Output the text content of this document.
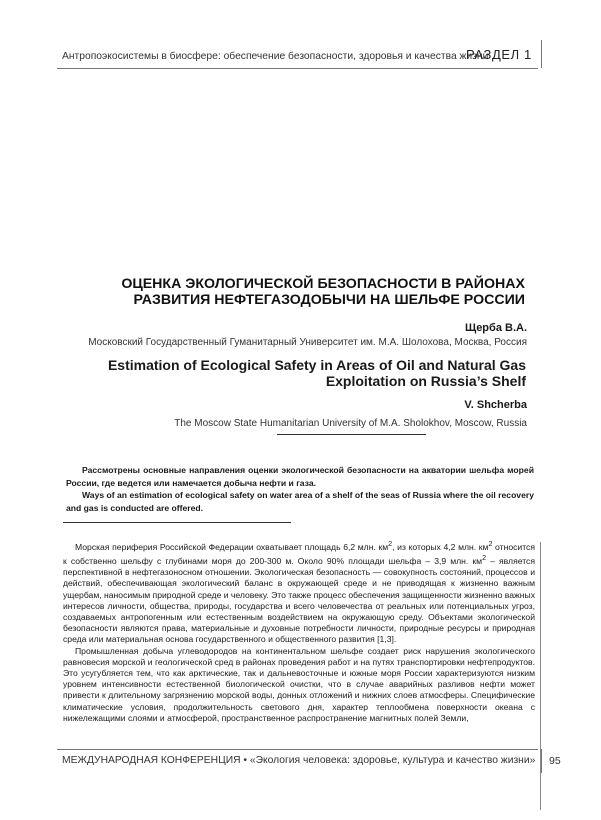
Антропоэкосистемы в биосфере: обеспечение безопасности, здоровья и качества жизни
РАЗДЕЛ 1
ОЦЕНКА ЭКОЛОГИЧЕСКОЙ БЕЗОПАСНОСТИ В РАЙОНАХ РАЗВИТИЯ НЕФТЕГАЗОДОБЫЧИ НА ШЕЛЬФЕ РОССИИ
Щерба В.А.
Московский Государственный Гуманитарный Университет им. М.А. Шолохова, Москва, Россия
Estimation of Ecological Safety in Areas of Oil and Natural Gas Exploitation on Russia’s Shelf
V. Shcherba
The Moscow State Humanitarian University of M.A. Sholokhov, Moscow, Russia

Рассмотрены основные направления оценки экологической безопасности на акватории шельфа морей России, где ведется или намечается добыча нефти и газа.

Ways of an estimation of ecological safety on water area of a shelf of the seas of Russia where the oil recovery and gas is conducted are offered.

Морская периферия Российской Федерации охватывает площадь 6,2 млн. $км^2$, из которых 4,2 млн. $км^2$ относится к собственно шельфу с глубинами моря до 200-300 м. Около 90% площади шельфа – 3,9 млн. $км^2$ – является перспективной в нефтегазоносном отношении. Экологическая безопасность — совокупность состояний, процессов и действий, обеспечивающая экологический баланс в окружающей среде и не приводящая к жизненно важным ущербам, наносимым природной среде и человеку. Это также процесс обеспечения защищенности жизненно важных интересов личности, общества, природы, государства и всего человечества от реальных или потенциальных угроз, создаваемых антропогенным или естественным воздействием на окружающую среду. Объектами экологической безопасности являются права, материальные и духовные потребности личности, природные ресурсы и природная среда или материальная основа государственного и общественного развития [1,3].

Промышленная добыча углеводородов на континентальном шельфе создает риск нарушения экологического равновесия морской и геологической сред в районах проведения работ и на путях транспортировки нефтепродуктов. Это усугубляется тем, что как арктические, так и дальневосточные и южные моря России характеризуются низким уровнем интенсивности естественной биологической очистки, что в случае аварийных разливов нефти может привести к длительному загрязнению морской воды, донных отложений и нижних слоев атмосферы. Специфические климатические условия, продолжительность светового дня, характер теплообмена поверхности океана с нижележащими слоями и атмосферой, пространственное распространение магнитных полей Земли,

МЕЖДУНАРОДНАЯ КОНФЕРЕНЦИЯ • «Экология человека: здоровье, культура и качество жизни» 95
